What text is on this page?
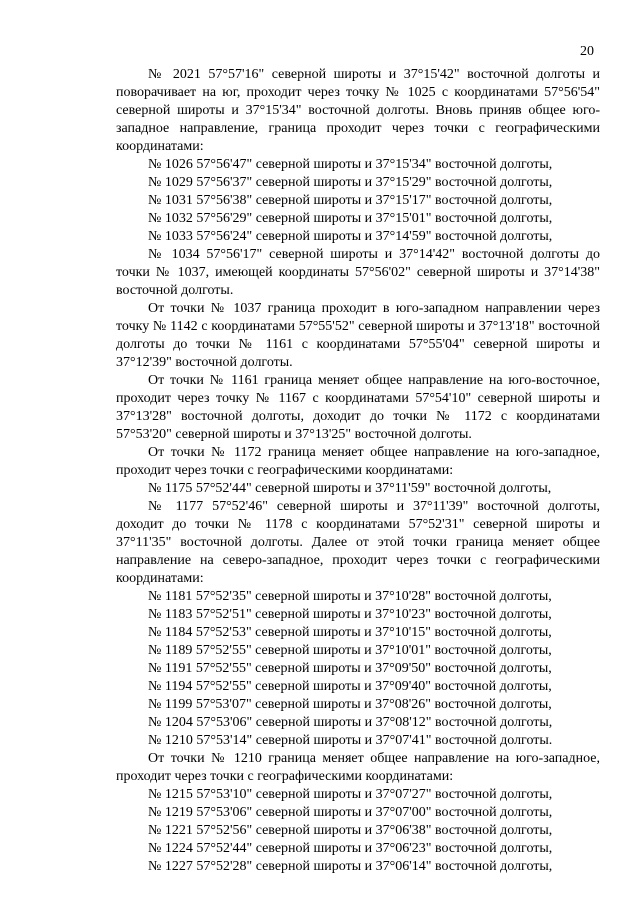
20

№ 2021 57°57'16" северной широты и 37°15'42" восточной долготы и поворачивает на юг, проходит через точку № 1025 с координатами 57°56'54" северной широты и 37°15'34" восточной долготы. Вновь приняв общее юго-западное направление, граница проходит через точки с географическими координатами:

№ 1026 57°56'47" северной широты и 37°15'34" восточной долготы,

№ 1029 57°56'37" северной широты и 37°15'29" восточной долготы,

№ 1031 57°56'38" северной широты и 37°15'17" восточной долготы,

№ 1032 57°56'29" северной широты и 37°15'01" восточной долготы,

№ 1033 57°56'24" северной широты и 37°14'59" восточной долготы,

№ 1034 57°56'17" северной широты и 37°14'42" восточной долготы до точки № 1037, имеющей координаты 57°56'02" северной широты и 37°14'38" восточной долготы.

От точки № 1037 граница проходит в юго-западном направлении через точку № 1142 с координатами 57°55'52" северной широты и 37°13'18" восточной долготы до точки № 1161 с координатами 57°55'04" северной широты и 37°12'39" восточной долготы.

От точки № 1161 граница меняет общее направление на юго-восточное, проходит через точку № 1167 с координатами 57°54'10" северной широты и 37°13'28" восточной долготы, доходит до точки № 1172 с координатами 57°53'20" северной широты и 37°13'25" восточной долготы.

От точки № 1172 граница меняет общее направление на юго-западное, проходит через точки с географическими координатами:

№ 1175 57°52'44" северной широты и 37°11'59" восточной долготы,

№ 1177 57°52'46" северной широты и 37°11'39" восточной долготы, доходит до точки № 1178 с координатами 57°52'31" северной широты и 37°11'35" восточной долготы. Далее от этой точки граница меняет общее направление на северо-западное, проходит через точки с географическими координатами:

№ 1181 57°52'35" северной широты и 37°10'28" восточной долготы,

№ 1183 57°52'51" северной широты и 37°10'23" восточной долготы,

№ 1184 57°52'53" северной широты и 37°10'15" восточной долготы,

№ 1189 57°52'55" северной широты и 37°10'01" восточной долготы,

№ 1191 57°52'55" северной широты и 37°09'50" восточной долготы,

№ 1194 57°52'55" северной широты и 37°09'40" восточной долготы,

№ 1199 57°53'07" северной широты и 37°08'26" восточной долготы,

№ 1204 57°53'06" северной широты и 37°08'12" восточной долготы,

№ 1210 57°53'14" северной широты и 37°07'41" восточной долготы.

От точки № 1210 граница меняет общее направление на юго-западное, проходит через точки с географическими координатами:

№ 1215 57°53'10" северной широты и 37°07'27" восточной долготы,

№ 1219 57°53'06" северной широты и 37°07'00" восточной долготы,

№ 1221 57°52'56" северной широты и 37°06'38" восточной долготы,

№ 1224 57°52'44" северной широты и 37°06'23" восточной долготы,

№ 1227 57°52'28" северной широты и 37°06'14" восточной долготы,
